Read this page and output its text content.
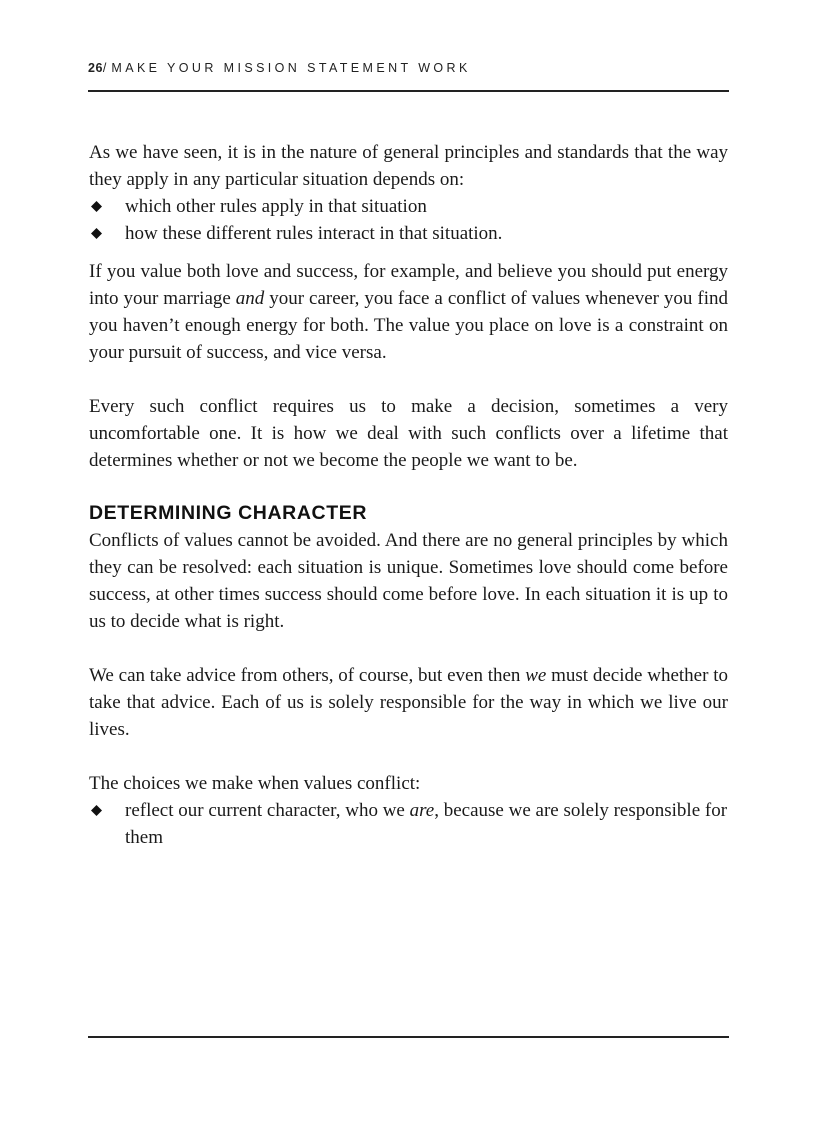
26/ MAKE YOUR MISSION STATEMENT WORK

As we have seen, it is in the nature of general principles and standards that the way they apply in any particular situation depends on:

which other rules apply in that situation
how these different rules interact in that situation.

If you value both love and success, for example, and believe you should put energy into your marriage and your career, you face a conflict of values whenever you find you haven’t enough energy for both. The value you place on love is a constraint on your pursuit of success, and vice versa.

Every such conflict requires us to make a decision, sometimes a very uncomfortable one. It is how we deal with such conflicts over a lifetime that determines whether or not we become the people we want to be.

DETERMINING CHARACTER

Conflicts of values cannot be avoided. And there are no general principles by which they can be resolved: each situation is unique. Sometimes love should come before success, at other times success should come before love. In each situation it is up to us to decide what is right.

We can take advice from others, of course, but even then we must decide whether to take that advice. Each of us is solely responsible for the way in which we live our lives.

The choices we make when values conflict:

reflect our current character, who we are, because we are solely responsible for them
